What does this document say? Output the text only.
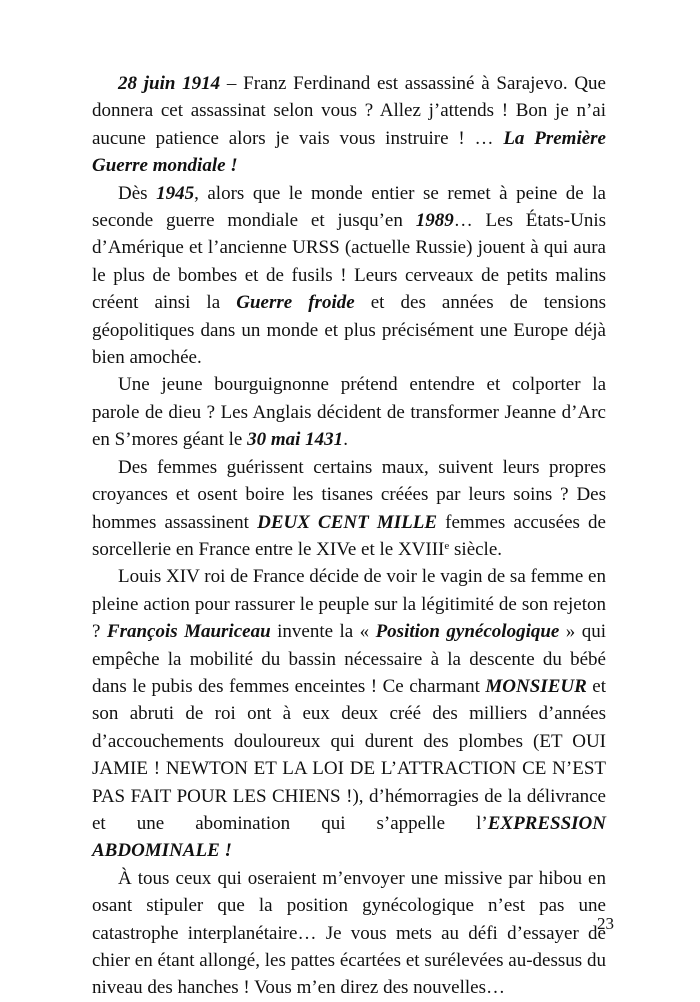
28 juin 1914 – Franz Ferdinand est assassiné à Sarajevo. Que donnera cet assassinat selon vous ? Allez j’attends ! Bon je n’ai aucune patience alors je vais vous instruire ! … La Première Guerre mondiale !

Dès 1945, alors que le monde entier se remet à peine de la seconde guerre mondiale et jusqu’en 1989… Les États-Unis d’Amérique et l’ancienne URSS (actuelle Russie) jouent à qui aura le plus de bombes et de fusils ! Leurs cerveaux de petits malins créent ainsi la Guerre froide et des années de tensions géopolitiques dans un monde et plus précisément une Europe déjà bien amochée.

Une jeune bourguignonne prétend entendre et colporter la parole de dieu ? Les Anglais décident de transformer Jeanne d’Arc en S’mores géant le 30 mai 1431.

Des femmes guérissent certains maux, suivent leurs propres croyances et osent boire les tisanes créées par leurs soins ? Des hommes assassinent DEUX CENT MILLE femmes accusées de sorcellerie en France entre le XIVe et le XVIIIe siècle.

Louis XIV roi de France décide de voir le vagin de sa femme en pleine action pour rassurer le peuple sur la légitimité de son rejeton ? François Mauriceau invente la « Position gynécologique » qui empêche la mobilité du bassin nécessaire à la descente du bébé dans le pubis des femmes enceintes ! Ce charmant MONSIEUR et son abruti de roi ont à eux deux créé des milliers d’années d’accouchements douloureux qui durent des plombes (ET OUI JAMIE ! NEWTON ET LA LOI DE L’ATTRACTION CE N’EST PAS FAIT POUR LES CHIENS !), d’hémorragies de la délivrance et une abomination qui s’appelle l’EXPRESSION ABDOMINALE !

À tous ceux qui oseraient m’envoyer une missive par hibou en osant stipuler que la position gynécologique n’est pas une catastrophe interplanétaire… Je vous mets au défi d’essayer de chier en étant allongé, les pattes écartées et surélevées au-dessus du niveau des hanches ! Vous m’en direz des nouvelles…

23
